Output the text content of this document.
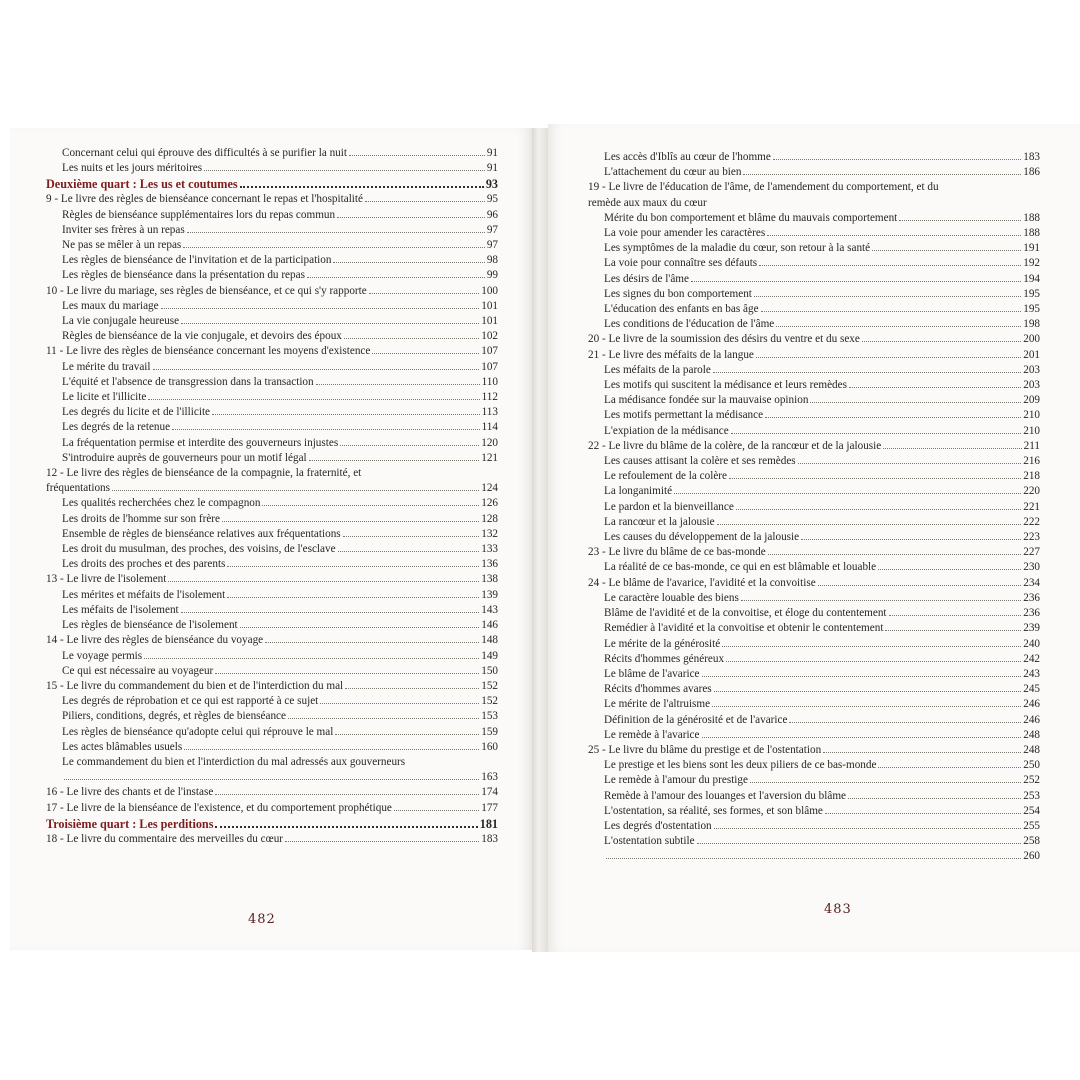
Concernant celui qui éprouve des difficultés à se purifier la nuit	91
Les nuits et les jours méritoires	91
Deuxième quart : Les us et coutumes	93
9 - Le livre des règles de bienséance concernant le repas et l'hospitalité	95
Règles de bienséance supplémentaires lors du repas commun	96
Inviter ses frères à un repas	97
Ne pas se mêler à un repas	97
Les règles de bienséance de l'invitation et de la participation	98
Les règles de bienséance dans la présentation du repas	99
10 - Le livre du mariage, ses règles de bienséance, et ce qui s'y rapporte	100
Les maux du mariage	101
La vie conjugale heureuse	101
Règles de bienséance de la vie conjugale, et devoirs des époux	102
11 - Le livre des règles de bienséance concernant les moyens d'existence	107
Le mérite du travail	107
L'équité et l'absence de transgression dans la transaction	110
Le licite et l'illicite	112
Les degrés du licite et de l'illicite	113
Les degrés de la retenue	114
La fréquentation permise et interdite des gouverneurs injustes	120
S'introduire auprès de gouverneurs pour un motif légal	121
12 - Le livre des règles de bienséance de la compagnie, la fraternité, et
fréquentations	124
Les qualités recherchées chez le compagnon	126
Les droits de l'homme sur son frère	128
Ensemble de règles de bienséance relatives aux fréquentations	132
Les droit du musulman, des proches, des voisins, de l'esclave	133
Les droits des proches et des parents	136
13 - Le livre de l'isolement	138
Les mérites et méfaits de l'isolement	139
Les méfaits de l'isolement	143
Les règles de bienséance de l'isolement	146
14 - Le livre des règles de bienséance du voyage	148
Le voyage permis	149
Ce qui est nécessaire au voyageur	150
15 - Le livre du commandement du bien et de l'interdiction du mal	152
Les degrés de réprobation et ce qui est rapporté à ce sujet	152
Piliers, conditions, degrés, et règles de bienséance	153
Les règles de bienséance qu'adopte celui qui réprouve le mal	159
Les actes blâmables usuels	160
Le commandement du bien et l'interdiction du mal adressés aux gouverneurs
163
16 - Le livre des chants et de l'instase	174
17 - Le livre de la bienséance de l'existence, et du comportement prophétique	177
Troisième quart : Les perditions	181
18 - Le livre du commentaire des merveilles du cœur	183
482
Les accès d'Iblîs au cœur de l'homme	183
L'attachement du cœur au bien	186
19 - Le livre de l'éducation de l'âme, de l'amendement du comportement, et du
remède aux maux du cœur
Mérite du bon comportement et blâme du mauvais comportement	188
La voie pour amender les caractères	188
Les symptômes de la maladie du cœur, son retour à la santé	191
La voie pour connaître ses défauts	192
Les désirs de l'âme	194
Les signes du bon comportement	195
L'éducation des enfants en bas âge	195
Les conditions de l'éducation de l'âme	198
20 - Le livre de la soumission des désirs du ventre et du sexe	200
21 - Le livre des méfaits de la langue	201
Les méfaits de la parole	203
Les motifs qui suscitent la médisance et leurs remèdes	203
La médisance fondée sur la mauvaise opinion	209
Les motifs permettant la médisance	210
L'expiation de la médisance	210
22 - Le livre du blâme de la colère, de la rancœur et de la jalousie	211
Les causes attisant la colère et ses remèdes	216
Le refoulement de la colère	218
La longanimité	220
Le pardon et la bienveillance	221
La rancœur et la jalousie	222
Les causes du développement de la jalousie	223
23 - Le livre du blâme de ce bas-monde	227
La réalité de ce bas-monde, ce qui en est blâmable et louable	230
24 - Le blâme de l'avarice, l'avidité et la convoitise	234
Le caractère louable des biens	236
Blâme de l'avidité et de la convoitise, et éloge du contentement	236
Remédier à l'avidité et la convoitise et obtenir le contentement	239
Le mérite de la générosité	240
Récits d'hommes généreux	242
Le blâme de l'avarice	243
Récits d'hommes avares	245
Le mérite de l'altruisme	246
Définition de la générosité et de l'avarice	246
Le remède à l'avarice	248
25 - Le livre du blâme du prestige et de l'ostentation	248
Le prestige et les biens sont les deux piliers de ce bas-monde	250
Le remède à l'amour du prestige	252
Remède à l'amour des louanges et l'aversion du blâme	253
L'ostentation, sa réalité, ses formes, et son blâme	254
Les degrés d'ostentation	255
L'ostentation subtile	258
260
483
